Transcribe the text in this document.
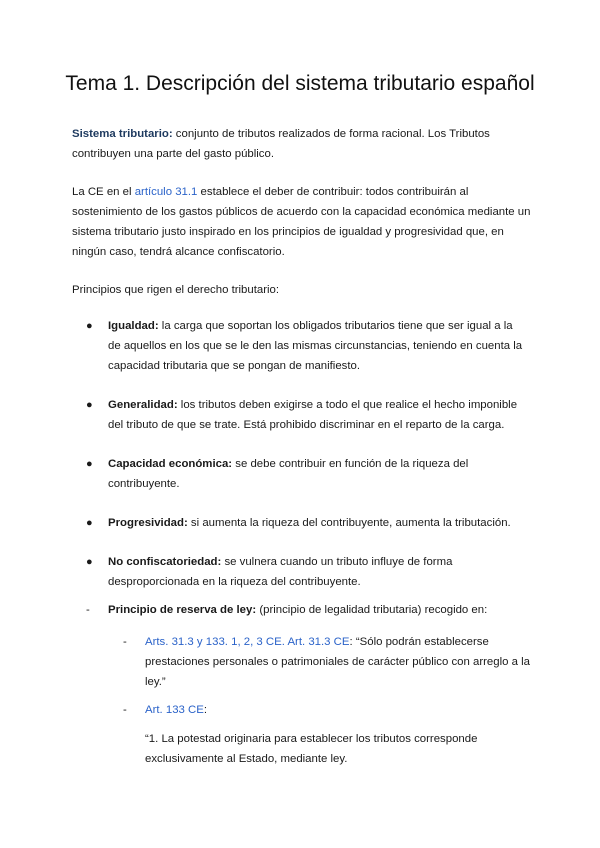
Tema 1. Descripción del sistema tributario español
Sistema tributario: conjunto de tributos realizados de forma racional. Los Tributos contribuyen una parte del gasto público.
La CE en el artículo 31.1 establece el deber de contribuir: todos contribuirán al sostenimiento de los gastos públicos de acuerdo con la capacidad económica mediante un sistema tributario justo inspirado en los principios de igualdad y progresividad que, en ningún caso, tendrá alcance confiscatorio.
Principios que rigen el derecho tributario:
● Igualdad: la carga que soportan los obligados tributarios tiene que ser igual a la de aquellos en los que se le den las mismas circunstancias, teniendo en cuenta la capacidad tributaria que se pongan de manifiesto.
● Generalidad: los tributos deben exigirse a todo el que realice el hecho imponible del tributo de que se trate. Está prohibido discriminar en el reparto de la carga.
● Capacidad económica: se debe contribuir en función de la riqueza del contribuyente.
● Progresividad: si aumenta la riqueza del contribuyente, aumenta la tributación.
● No confiscatoriedad: se vulnera cuando un tributo influye de forma desproporcionada en la riqueza del contribuyente.
- Principio de reserva de ley: (principio de legalidad tributaria) recogido en:
- Arts. 31.3 y 133. 1, 2, 3 CE. Art. 31.3 CE: “Sólo podrán establecerse prestaciones personales o patrimoniales de carácter público con arreglo a la ley.”
- Art. 133 CE:
“1. La potestad originaria para establecer los tributos corresponde exclusivamente al Estado, mediante ley.
